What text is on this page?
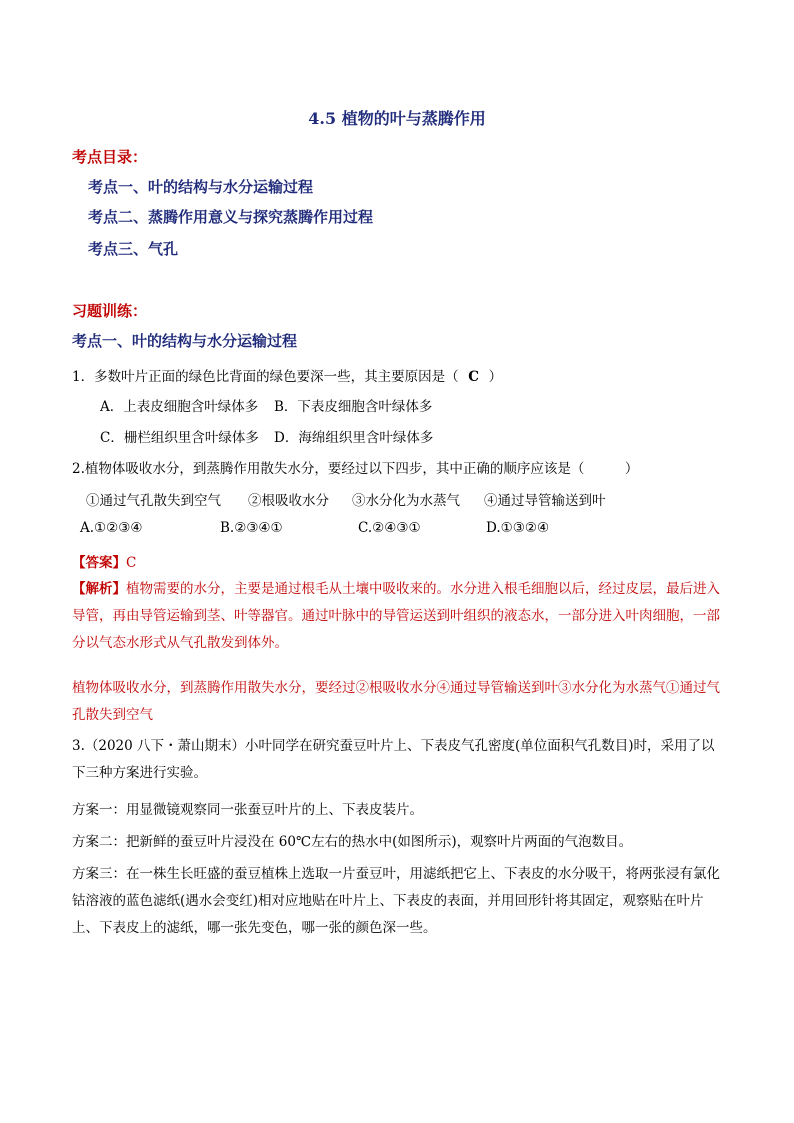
4.5 植物的叶与蒸腾作用
考点目录：
考点一、叶的结构与水分运输过程
考点二、蒸腾作用意义与探究蒸腾作用过程
考点三、气孔
习题训练：
考点一、叶的结构与水分运输过程
1．多数叶片正面的绿色比背面的绿色要深一些，其主要原因是（ C ）
A．上表皮细胞含叶绿体多 B．下表皮细胞含叶绿体多
C．栅栏组织里含叶绿体多 D．海绵组织里含叶绿体多
2.植物体吸收水分，到蒸腾作用散失水分，要经过以下四步，其中正确的顺序应该是（　　　）
①通过气孔散失到空气 ②根吸收水分 ③水分化为水蒸气 ④通过导管输送到叶
A.①②③④	B.②③④①	C.②④③①	D.①③②④
【答案】C
【解析】植物需要的水分，主要是通过根毛从土壤中吸收来的。水分进入根毛细胞以后，经过皮层，最后进入导管，再由导管运输到茎、叶等器官。通过叶脉中的导管运送到叶组织的液态水，一部分进入叶肉细胞，一部分以气态水形式从气孔散发到体外。
植物体吸收水分，到蒸腾作用散失水分，要经过②根吸收水分④通过导管输送到叶③水分化为水蒸气①通过气孔散失到空气
3.（2020 八下・萧山期末）小叶同学在研究蚕豆叶片上、下表皮气孔密度(单位面积气孔数目)时，采用了以下三种方案进行实验。
方案一：用显微镜观察同一张蚕豆叶片的上、下表皮装片。
方案二：把新鲜的蚕豆叶片浸没在 60℃左右的热水中(如图所示)，观察叶片两面的气泡数目。
方案三：在一株生长旺盛的蚕豆植株上选取一片蚕豆叶，用滤纸把它上、下表皮的水分吸干，将两张浸有氯化钴溶液的蓝色滤纸(遇水会变红)相对应地贴在叶片上、下表皮的表面，并用回形针将其固定，观察贴在叶片上、下表皮上的滤纸，哪一张先变色，哪一张的颜色深一些。
